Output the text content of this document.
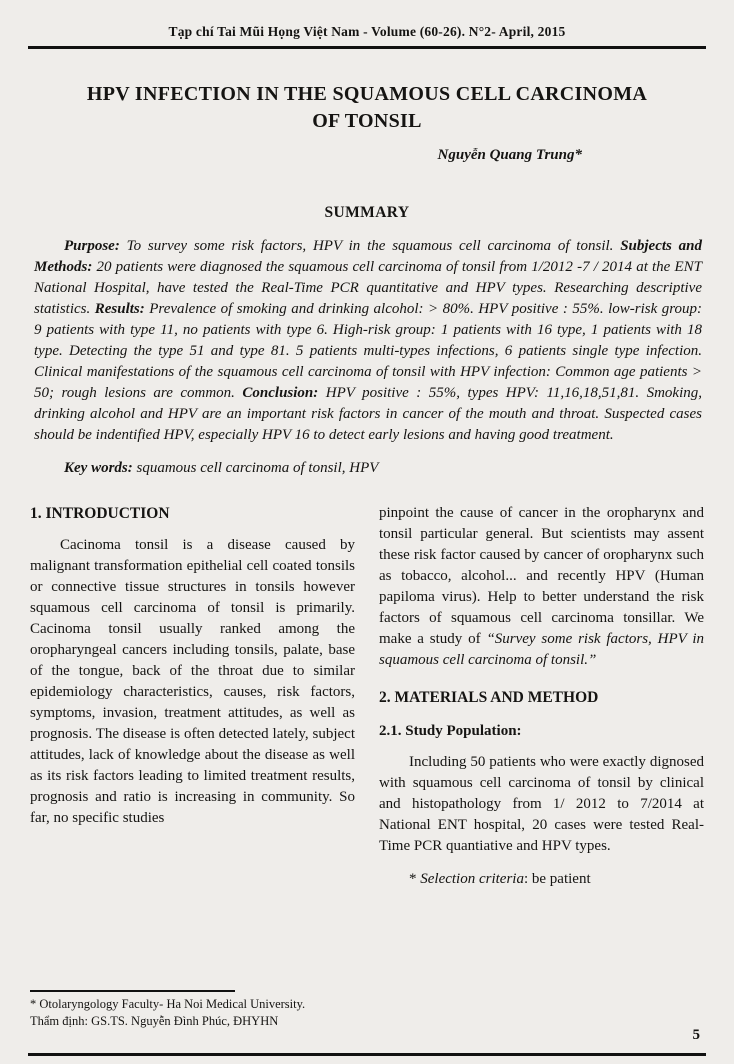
Tạp chí Tai Mũi Họng Việt Nam - Volume (60-26). N°2- April, 2015
HPV INFECTION IN THE SQUAMOUS CELL CARCINOMA
OF TONSIL
Nguyễn Quang Trung*
SUMMARY
Purpose: To survey some risk factors, HPV in the squamous cell carcinoma of tonsil. Subjects and Methods: 20 patients were diagnosed the squamous cell carcinoma of tonsil from 1/2012 -7 / 2014 at the ENT National Hospital, have tested the Real-Time PCR quantitative and HPV types. Researching descriptive statistics. Results: Prevalence of smoking and drinking alcohol: > 80%. HPV positive : 55%. low-risk group: 9 patients with type 11, no patients with type 6. High-risk group: 1 patients with 16 type, 1 patients with 18 type. Detecting the type 51 and type 81. 5 patients multi-types infections, 6 patients single type infection. Clinical manifestations of the squamous cell carcinoma of tonsil with HPV infection: Common age patients > 50; rough lesions are common. Conclusion: HPV positive : 55%, types HPV: 11,16,18,51,81. Smoking, drinking alcohol and HPV are an important risk factors in cancer of the mouth and throat. Suspected cases should be indentified HPV, especially HPV 16 to detect early lesions and having good treatment.
Key words: squamous cell carcinoma of tonsil, HPV
1. INTRODUCTION
Cacinoma tonsil is a disease caused by malignant transformation epithelial cell coated tonsils or connective tissue structures in tonsils however squamous cell carcinoma of tonsil is primarily. Cacinoma tonsil usually ranked among the oropharyngeal cancers including tonsils, palate, base of the tongue, back of the throat due to similar epidemiology characteristics, causes, risk factors, symptoms, invasion, treatment attitudes, as well as prognosis. The disease is often detected lately, subject attitudes, lack of knowledge about the disease as well as its risk factors leading to limited treatment results, prognosis and ratio is increasing in community. So far, no specific studies
pinpoint the cause of cancer in the oropharynx and tonsil particular general. But scientists may assent these risk factor caused by cancer of oropharynx such as tobacco, alcohol... and recently HPV (Human papiloma virus). Help to better understand the risk factors of squamous cell carcinoma tonsillar. We make a study of “Survey some risk factors, HPV in squamous cell carcinoma of tonsil.”
2. MATERIALS AND METHOD
2.1. Study Population:
Including 50 patients who were exactly dignosed with squamous cell carcinoma of tonsil by clinical and histopathology from 1/ 2012 to 7/2014 at National ENT hospital, 20 cases were tested Real-Time PCR quantiative and HPV types.
* Selection criteria: be patient
* Otolaryngology Faculty- Ha Noi Medical University.
Thẩm định: GS.TS. Nguyễn Đình Phúc, ĐHYHN
5
